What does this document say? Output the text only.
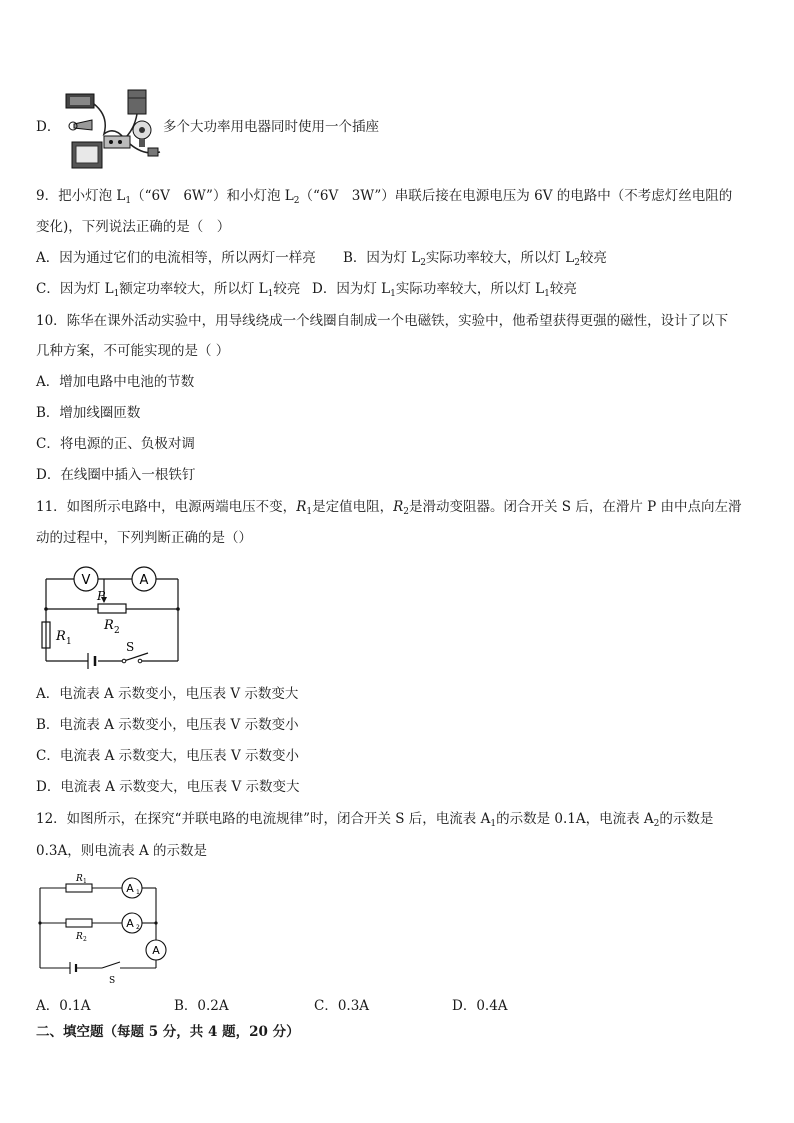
D．	多个大功率用电器同时使用一个插座
9．把小灯泡 $L_1(“6V$　6W”）和小灯泡 $L_2(“6V$　3W”）串联后接在电源电压为 6V 的电路中（不考虑灯丝电阻的
变化)，下列说法正确的是（　）
A．因为通过它们的电流相等，所以两灯一样亮 B．因为灯 $L_2$实际功率较大，所以灯 $L_2$较亮
C．因为灯 $L_1$额定功率较大，所以灯 $L_1$较亮 D．因为灯 $L_1$实际功率较大，所以灯 $L_1$较亮
10．陈华在课外活动实验中，用导线绕成一个线圈自制成一个电磁铁，实验中，他希望获得更强的磁性，设计了以下
几种方案，不可能实现的是（ ）
A．增加电路中电池的节数
B．增加线圈匝数
C．将电源的正、负极对调
D．在线圈中插入一根铁钉
11．如图所示电路中，电源两端电压不变，$R_1$是定值电阻，$R_2$是滑动变阻器。闭合开关 S 后，在滑片 P 由中点向左滑
动的过程中，下列判断正确的是（）
V	A
P
R 2
R 1	S
A．电流表 A 示数变小，电压表 V 示数变大
B．电流表 A 示数变小，电压表 V 示数变小
C．电流表 A 示数变大，电压表 V 示数变小
D．电流表 A 示数变大，电压表 V 示数变大
12．如图所示，在探究“并联电路的电流规律”时，闭合开关 S 后，电流表 $A_1$的示数是 0.1A，电流表 $A_2$的示数是
0.3A，则电流表 A 的示数是
R 1
R 2
A 1
A 2
A
S
A．0.1A	B．0.2A	C．0.3A	D．0.4A
二、填空题（每题 5 分，共 4 题，20 分）
